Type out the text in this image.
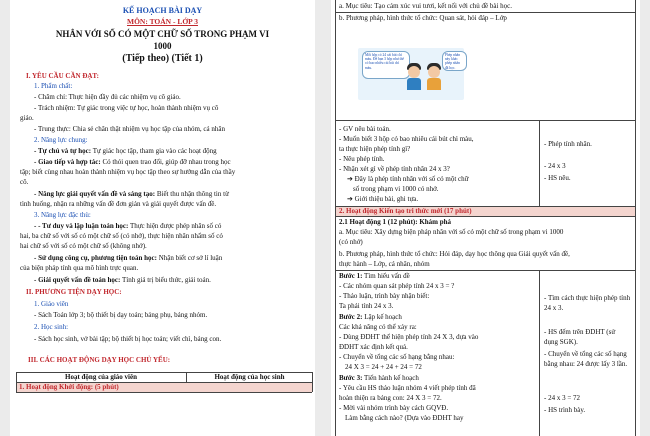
KẾ HOẠCH BÀI DẠY
MÔN: TOÁN - LỚP 3
NHÂN VỚI SỐ CÓ MỘT CHỮ SỐ TRONG PHẠM VI
1000
(Tiếp theo) (Tiết 1)
I. YÊU CẦU CẦN ĐẠT:
1. Phẩm chất:
- Chăm chỉ: Thực hiện đầy đủ các nhiệm vụ cô giáo.
- Trách nhiệm: Tự giác trong việc tự học, hoàn thành nhiệm vụ cô
giáo.
- Trung thực: Chia sẻ chân thật nhiệm vụ học tập của nhóm, cá nhân
2. Năng lực chung:
- Tự chủ và tự học: Tự giác học tập, tham gia vào các hoạt động
- Giao tiếp và hợp tác: Có thói quen trao đổi, giúp đỡ nhau trong học
tập; biết cùng nhau hoàn thành nhiệm vụ học tập theo sự hướng dẫn của thầy
cô.
- Năng lực giải quyết vấn đề và sáng tạo: Biết thu nhận thông tin từ
tình huống, nhận ra những vấn đề đơn giản và giải quyết được vấn đề.
3. Năng lực đặc thù:
- - Tư duy và lập luận toán học: Thực hiện được phép nhân số có
hai, ba chữ số với số có một chữ số (có nhớ), thực hiện nhân nhẩm số có
hai chữ số với số có một chữ số (không nhớ).
- Sử dụng công cụ, phương tiện toán học: Nhận biết cơ sở lí luận
của biện pháp tính qua mô hình trực quan.
- Giải quyết vấn đề toán học: Tính giá trị biểu thức, giải toán.
II. PHƯƠNG TIỆN DẠY HỌC:
1. Giáo viên
- Sách Toán lớp 3; bộ thiết bị dạy toán; bảng phụ, bảng nhóm.
2. Học sinh:
- Sách học sinh, vở bài tập; bộ thiết bị học toán; viết chì, bảng con.
III. CÁC HOẠT ĐỘNG DẠY HỌC CHỦ YẾU:
Hoạt động của giáo viên	Hoạt động của học sinh
1. Hoạt động Khởi động: (5 phút)
a. Mục tiêu: Tạo cảm xúc vui tươi, kết nối với chủ đề bài học.
b. Phương pháp, hình thức tổ chức: Quan sát, hỏi đáp – Lớp
Mỗi hộp có 24 cái bút chì màu. Để bạn 3 hộp như thế có bao nhiêu cái bút chì màu.
Phép nhân này khác phép nhân đã học.
- GV nêu bài toán.
- Muốn biết 3 hộp có bao nhiêu cái bút chì màu,
ta thực hiện phép tính gì?
- Nêu phép tính.
- Nhận xét gì về phép tính nhân 24 x 3?
➔ Đây là phép tính nhân với số có một chữ
số trong phạm vi 1000 có nhớ.
➔ Giới thiệu bài, ghi tựa.
- Phép tính nhân.
- 24 x 3
- HS nêu.
2. Hoạt động Kiến tạo tri thức mới (17 phút)
2.1 Hoạt động 1 (12 phút): Khám phá
a. Mục tiêu: Xây dựng biện pháp nhân với số có một chữ số trong phạm vi 1000
(có nhớ)
b. Phương pháp, hình thức tổ chức: Hỏi đáp, dạy học thông qua Giải quyết vấn đề,
thực hành – Lớp, cá nhân, nhóm
Bước 1: Tìm hiểu vấn đề
- Các nhóm quan sát phép tính 24 x 3 = ?
- Thảo luận, trình bày nhận biết:
Ta phải tính 24 x 3.
Bước 2: Lập kế hoạch
Các khả năng có thể xảy ra:
- Dùng ĐDHT thể hiện phép tính 24 X 3, dựa vào
ĐDHT xác định kết quả.
- Chuyển về tổng các số hạng bằng nhau:
24 X 3 = 24 + 24 + 24 = 72
Bước 3: Tiến hành kế hoạch
- Yêu cầu HS thảo luận nhóm 4 viết phép tính đã
hoàn thiện ra bảng con: 24 X 3 = 72.
- Mời vài nhóm trình bày cách GQVĐ.
Làm bằng cách nào? (Dựa vào ĐDHT hay
- Tìm cách thực hiện phép tính
24 x 3.
- HS đếm trên ĐDHT (sử
dụng SGK).
- Chuyển về tổng các số hạng
bằng nhau: 24 được lấy 3 lần.
- 24 x 3 = 72
- HS trình bày.
